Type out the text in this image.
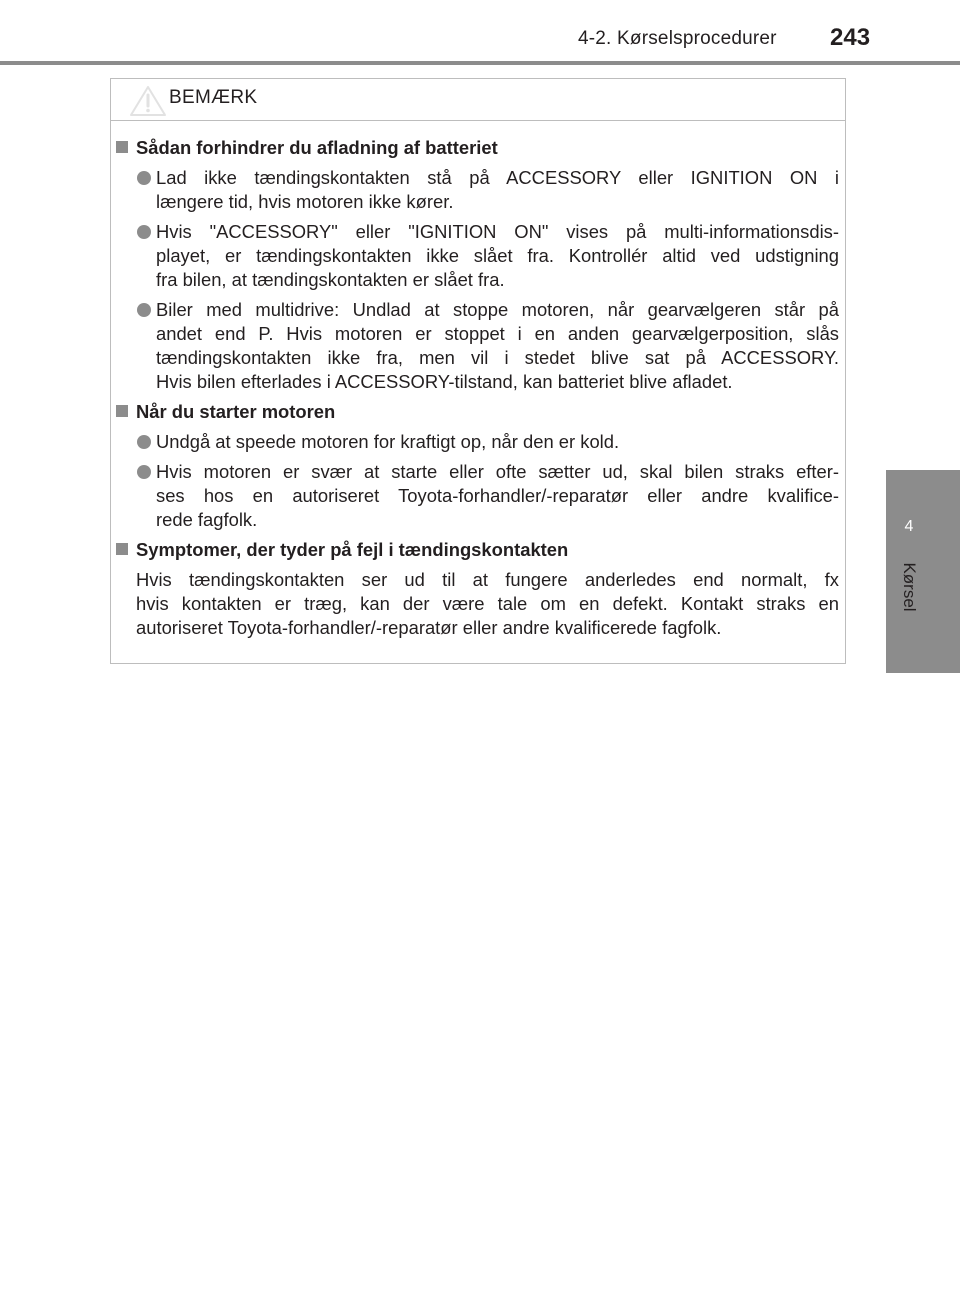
4-2. Kørselsprocedurer 243
4
Kørsel
BEMÆRK
Sådan forhindrer du afladning af batteriet
Lad ikke tændingskontakten stå på ACCESSORY eller IGNITION ON i
længere tid, hvis motoren ikke kører.
Hvis "ACCESSORY" eller "IGNITION ON" vises på multi-informationsdis-
playet, er tændingskontakten ikke slået fra. Kontrollér altid ved udstigning
fra bilen, at tændingskontakten er slået fra.
Biler med multidrive: Undlad at stoppe motoren, når gearvælgeren står på
andet end P. Hvis motoren er stoppet i en anden gearvælgerposition, slås
tændingskontakten ikke fra, men vil i stedet blive sat på ACCESSORY.
Hvis bilen efterlades i ACCESSORY-tilstand, kan batteriet blive afladet.
Når du starter motoren
Undgå at speede motoren for kraftigt op, når den er kold.
Hvis motoren er svær at starte eller ofte sætter ud, skal bilen straks efter-
ses hos en autoriseret Toyota-forhandler/-reparatør eller andre kvalifice-
rede fagfolk.
Symptomer, der tyder på fejl i tændingskontakten
Hvis tændingskontakten ser ud til at fungere anderledes end normalt, fx
hvis kontakten er træg, kan der være tale om en defekt. Kontakt straks en
autoriseret Toyota-forhandler/-reparatør eller andre kvalificerede fagfolk.
